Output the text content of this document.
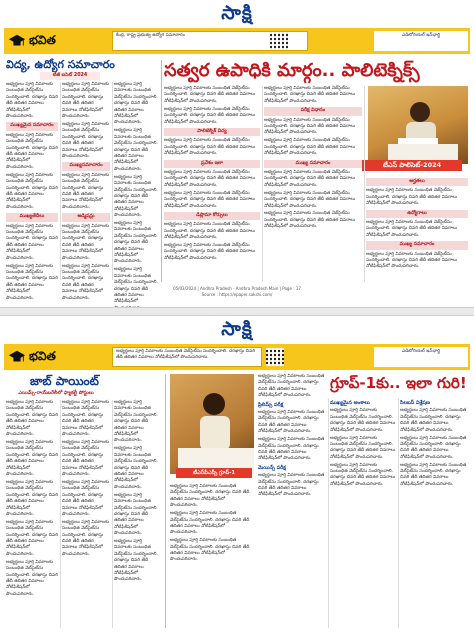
సాక్షి
భవిత	కేంద్ర, రాష్ట్ర ప్రభుత్వ ఉద్యోగ సమాచారం	ఎడిటోరియల్ ఇన్‌ఛార్జి
విద్య, ఉద్యోగ సమాచారం
టీజీ ఐసెట్ 2024

అభ్యర్థులు పూర్తి వివరాలకు సంబంధిత వెబ్‌సైట్‌ను సందర్శించాలి. దరఖాస్తు చివరి తేదీ తదితర వివరాలు నోటిఫికేషన్‌లో పొందుపరిచారు.

ముఖ్యమైన సమాచారం

అభ్యర్థులు పూర్తి వివరాలకు సంబంధిత వెబ్‌సైట్‌ను సందర్శించాలి. దరఖాస్తు చివరి తేదీ తదితర వివరాలు నోటిఫికేషన్‌లో పొందుపరిచారు.

అభ్యర్థులు పూర్తి వివరాలకు సంబంధిత వెబ్‌సైట్‌ను సందర్శించాలి. దరఖాస్తు చివరి తేదీ తదితర వివరాలు నోటిఫికేషన్‌లో పొందుపరిచారు.

ముఖ్యతేదీలు

అభ్యర్థులు పూర్తి వివరాలకు సంబంధిత వెబ్‌సైట్‌ను సందర్శించాలి. దరఖాస్తు చివరి తేదీ తదితర వివరాలు నోటిఫికేషన్‌లో పొందుపరిచారు.

అభ్యర్థులు పూర్తి వివరాలకు సంబంధిత వెబ్‌సైట్‌ను సందర్శించాలి. దరఖాస్తు చివరి తేదీ తదితర వివరాలు నోటిఫికేషన్‌లో పొందుపరిచారు.

అభ్యర్థులు పూర్తి వివరాలకు సంబంధిత వెబ్‌సైట్‌ను సందర్శించాలి. దరఖాస్తు చివరి తేదీ తదితర వివరాలు నోటిఫికేషన్‌లో పొందుపరిచారు.

అభ్యర్థులు పూర్తి వివరాలకు సంబంధిత వెబ్‌సైట్‌ను సందర్శించాలి. దరఖాస్తు చివరి తేదీ తదితర వివరాలు నోటిఫికేషన్‌లో పొందుపరిచారు.

ముఖ్యసమాచారం

అభ్యర్థులు పూర్తి వివరాలకు సంబంధిత వెబ్‌సైట్‌ను సందర్శించాలి. దరఖాస్తు చివరి తేదీ తదితర వివరాలు నోటిఫికేషన్‌లో పొందుపరిచారు.

అడ్మిషన్లు

అభ్యర్థులు పూర్తి వివరాలకు సంబంధిత వెబ్‌సైట్‌ను సందర్శించాలి. దరఖాస్తు చివరి తేదీ తదితర వివరాలు నోటిఫికేషన్‌లో పొందుపరిచారు.

అభ్యర్థులు పూర్తి వివరాలకు సంబంధిత వెబ్‌సైట్‌ను సందర్శించాలి. దరఖాస్తు చివరి తేదీ తదితర వివరాలు నోటిఫికేషన్‌లో పొందుపరిచారు.

అభ్యర్థులు పూర్తి వివరాలకు సంబంధిత వెబ్‌సైట్‌ను సందర్శించాలి. దరఖాస్తు చివరి తేదీ తదితర వివరాలు నోటిఫికేషన్‌లో పొందుపరిచారు.

అభ్యర్థులు పూర్తి వివరాలకు సంబంధిత వెబ్‌సైట్‌ను సందర్శించాలి. దరఖాస్తు చివరి తేదీ తదితర వివరాలు నోటిఫికేషన్‌లో పొందుపరిచారు.

అభ్యర్థులు పూర్తి వివరాలకు సంబంధిత వెబ్‌సైట్‌ను సందర్శించాలి. దరఖాస్తు చివరి తేదీ తదితర వివరాలు నోటిఫికేషన్‌లో పొందుపరిచారు.

అభ్యర్థులు పూర్తి వివరాలకు సంబంధిత వెబ్‌సైట్‌ను సందర్శించాలి. దరఖాస్తు చివరి తేదీ తదితర వివరాలు నోటిఫికేషన్‌లో పొందుపరిచారు.

అభ్యర్థులు పూర్తి వివరాలకు సంబంధిత వెబ్‌సైట్‌ను సందర్శించాలి. దరఖాస్తు చివరి తేదీ తదితర వివరాలు నోటిఫికేషన్‌లో

సత్వర ఉపాధికి మార్గం.. పాలిటెక్నిక్స్
టీఎస్ పాలిసెట్-2024

అభ్యర్థులు పూర్తి వివరాలకు సంబంధిత వెబ్‌సైట్‌ను సందర్శించాలి. దరఖాస్తు చివరి తేదీ తదితర వివరాలు నోటిఫికేషన్‌లో పొందుపరిచారు.

అభ్యర్థులు పూర్తి వివరాలకు సంబంధిత వెబ్‌సైట్‌ను సందర్శించాలి. దరఖాస్తు చివరి తేదీ తదితర వివరాలు నోటిఫికేషన్‌లో పొందుపరిచారు.

పాలిటెక్నిక్ విద్య

అభ్యర్థులు పూర్తి వివరాలకు సంబంధిత వెబ్‌సైట్‌ను సందర్శించాలి. దరఖాస్తు చివరి తేదీ తదితర వివరాలు నోటిఫికేషన్‌లో పొందుపరిచారు.

ప్రవేశం ఇలా

అభ్యర్థులు పూర్తి వివరాలకు సంబంధిత వెబ్‌సైట్‌ను సందర్శించాలి. దరఖాస్తు చివరి తేదీ తదితర వివరాలు నోటిఫికేషన్‌లో పొందుపరిచారు.

అభ్యర్థులు పూర్తి వివరాలకు సంబంధిత వెబ్‌సైట్‌ను సందర్శించాలి. దరఖాస్తు చివరి తేదీ తదితర వివరాలు నోటిఫికేషన్‌లో పొందుపరిచారు.

డిప్లొమా కోర్సులు

అభ్యర్థులు పూర్తి వివరాలకు సంబంధిత వెబ్‌సైట్‌ను సందర్శించాలి. దరఖాస్తు చివరి తేదీ తదితర వివరాలు నోటిఫికేషన్‌లో పొందుపరిచారు.

అభ్యర్థులు పూర్తి వివరాలకు సంబంధిత వెబ్‌సైట్‌ను సందర్శించాలి. దరఖాస్తు చివరి తేదీ తదితర వివరాలు నోటిఫికేషన్‌లో పొందుపరిచారు.

అభ్యర్థులు పూర్తి వివరాలకు సంబంధిత వెబ్‌సైట్‌ను సందర్శించాలి. దరఖాస్తు చివరి తేదీ తదితర వివరాలు నోటిఫికేషన్‌లో పొందుపరిచారు.

పరీక్ష విధానం

అభ్యర్థులు పూర్తి వివరాలకు సంబంధిత వెబ్‌సైట్‌ను సందర్శించాలి. దరఖాస్తు చివరి తేదీ తదితర వివరాలు నోటిఫికేషన్‌లో పొందుపరిచారు.

అభ్యర్థులు పూర్తి వివరాలకు సంబంధిత వెబ్‌సైట్‌ను సందర్శించాలి. దరఖాస్తు చివరి తేదీ తదితర వివరాలు నోటిఫికేషన్‌లో పొందుపరిచారు.

ముఖ్య సమాచారం

అభ్యర్థులు పూర్తి వివరాలకు సంబంధిత వెబ్‌సైట్‌ను సందర్శించాలి. దరఖాస్తు చివరి తేదీ తదితర వివరాలు నోటిఫికేషన్‌లో పొందుపరిచారు.

అభ్యర్థులు పూర్తి వివరాలకు సంబంధిత వెబ్‌సైట్‌ను సందర్శించాలి. దరఖాస్తు చివరి తేదీ తదితర వివరాలు నోటిఫికేషన్‌లో పొందుపరిచారు.

అభ్యర్థులు పూర్తి వివరాలకు సంబంధిత వెబ్‌సైట్‌ను సందర్శించాలి. దరఖాస్తు చివరి తేదీ తదితర వివరాలు నోటిఫికేషన్‌లో పొందుపరిచారు.

అర్హతలు

అభ్యర్థులు పూర్తి వివరాలకు సంబంధిత వెబ్‌సైట్‌ను సందర్శించాలి. దరఖాస్తు చివరి తేదీ తదితర వివరాలు నోటిఫికేషన్‌లో పొందుపరిచారు.

ఉద్యోగాలు

అభ్యర్థులు పూర్తి వివరాలకు సంబంధిత వెబ్‌సైట్‌ను సందర్శించాలి. దరఖాస్తు చివరి తేదీ తదితర వివరాలు నోటిఫికేషన్‌లో పొందుపరిచారు.

ముఖ్య సమాచారం

అభ్యర్థులు పూర్తి వివరాలకు సంబంధిత వెబ్‌సైట్‌ను సందర్శించాలి. దరఖాస్తు చివరి తేదీ తదితర వివరాలు నోటిఫికేషన్‌లో పొందుపరిచారు.

05/03/2024 | Andhra Pradesh - Andhra Pradesh Main | Page : 17
Source : https://epaper.sakshi.com/
సాక్షి
భవిత	అభ్యర్థులు పూర్తి వివరాలకు సంబంధిత వెబ్‌సైట్‌ను సందర్శించాలి. దరఖాస్తు చివరి తేదీ తదితర వివరాలు నోటిఫికేషన్‌లో పొందుపరిచారు.
ఎడిటోరియల్ ఇన్‌ఛార్జి
జాబ్ పాయింట్
ఎయిమ్స్-రాయ్‌బరేలీలో ఫ్యాకల్టీ పోస్టులు

అభ్యర్థులు పూర్తి వివరాలకు సంబంధిత వెబ్‌సైట్‌ను సందర్శించాలి. దరఖాస్తు చివరి తేదీ తదితర వివరాలు నోటిఫికేషన్‌లో పొందుపరిచారు.

అభ్యర్థులు పూర్తి వివరాలకు సంబంధిత వెబ్‌సైట్‌ను సందర్శించాలి. దరఖాస్తు చివరి తేదీ తదితర వివరాలు నోటిఫికేషన్‌లో పొందుపరిచారు.

అభ్యర్థులు పూర్తి వివరాలకు సంబంధిత వెబ్‌సైట్‌ను సందర్శించాలి. దరఖాస్తు చివరి తేదీ తదితర వివరాలు నోటిఫికేషన్‌లో పొందుపరిచారు.

అభ్యర్థులు పూర్తి వివరాలకు సంబంధిత వెబ్‌సైట్‌ను సందర్శించాలి. దరఖాస్తు చివరి తేదీ తదితర వివరాలు నోటిఫికేషన్‌లో పొందుపరిచారు.

అభ్యర్థులు పూర్తి వివరాలకు సంబంధిత వెబ్‌సైట్‌ను సందర్శించాలి. దరఖాస్తు చివరి తేదీ తదితర వివరాలు నోటిఫికేషన్‌లో పొందుపరిచారు.

అభ్యర్థులు పూర్తి వివరాలకు సంబంధిత వెబ్‌సైట్‌ను సందర్శించాలి. దరఖాస్తు చివరి తేదీ తదితర వివరాలు నోటిఫికేషన్‌లో పొందుపరిచారు.

అభ్యర్థులు పూర్తి వివరాలకు సంబంధిత వెబ్‌సైట్‌ను సందర్శించాలి. దరఖాస్తు చివరి తేదీ తదితర వివరాలు నోటిఫికేషన్‌లో పొందుపరిచారు.

అభ్యర్థులు పూర్తి వివరాలకు సంబంధిత వెబ్‌సైట్‌ను సందర్శించాలి. దరఖాస్తు చివరి తేదీ తదితర వివరాలు నోటిఫికేషన్‌లో పొందుపరిచారు.

అభ్యర్థులు పూర్తి వివరాలకు సంబంధిత వెబ్‌సైట్‌ను సందర్శించాలి. దరఖాస్తు చివరి తేదీ తదితర వివరాలు నోటిఫికేషన్‌లో పొందుపరిచారు.

అభ్యర్థులు పూర్తి వివరాలకు సంబంధిత వెబ్‌సైట్‌ను సందర్శించాలి. దరఖాస్తు చివరి తేదీ తదితర వివరాలు నోటిఫికేషన్‌లో పొందుపరిచారు.

అభ్యర్థులు పూర్తి వివరాలకు సంబంధిత వెబ్‌సైట్‌ను సందర్శించాలి. దరఖాస్తు చివరి తేదీ తదితర వివరాలు నోటిఫికేషన్‌లో పొందుపరిచారు.

అభ్యర్థులు పూర్తి వివరాలకు సంబంధిత వెబ్‌సైట్‌ను సందర్శించాలి. దరఖాస్తు చివరి తేదీ తదితర వివరాలు నోటిఫికేషన్‌లో పొందుపరిచారు.

అభ్యర్థులు పూర్తి వివరాలకు సంబంధిత వెబ్‌సైట్‌ను సందర్శించాలి. దరఖాస్తు చివరి తేదీ తదితర వివరాలు నోటిఫికేషన్‌లో పొందుపరిచారు.

టీఎస్‌పీఎస్సీ గ్రూప్-1
గ్రూప్-1కు.. ఇలా గురి!

అభ్యర్థులు పూర్తి వివరాలకు సంబంధిత వెబ్‌సైట్‌ను సందర్శించాలి. దరఖాస్తు చివరి తేదీ తదితర వివరాలు నోటిఫికేషన్‌లో పొందుపరిచారు.

ప్రిలిమ్స్ పరీక్ష

అభ్యర్థులు పూర్తి వివరాలకు సంబంధిత వెబ్‌సైట్‌ను సందర్శించాలి. దరఖాస్తు చివరి తేదీ తదితర వివరాలు నోటిఫికేషన్‌లో పొందుపరిచారు.

అభ్యర్థులు పూర్తి వివరాలకు సంబంధిత వెబ్‌సైట్‌ను సందర్శించాలి. దరఖాస్తు చివరి తేదీ తదితర వివరాలు నోటిఫికేషన్‌లో పొందుపరిచారు.

మెయిన్స్ పరీక్ష

అభ్యర్థులు పూర్తి వివరాలకు సంబంధిత వెబ్‌సైట్‌ను సందర్శించాలి. దరఖాస్తు చివరి తేదీ తదితర వివరాలు నోటిఫికేషన్‌లో పొందుపరిచారు.

అభ్యర్థులు పూర్తి వివరాలకు సంబంధిత వెబ్‌సైట్‌ను సందర్శించాలి. దరఖాస్తు చివరి తేదీ తదితర వివరాలు నోటిఫికేషన్‌లో పొందుపరిచారు.

అభ్యర్థులు పూర్తి వివరాలకు సంబంధిత వెబ్‌సైట్‌ను సందర్శించాలి. దరఖాస్తు చివరి తేదీ తదితర వివరాలు నోటిఫికేషన్‌లో పొందుపరిచారు.

అభ్యర్థులు పూర్తి వివరాలకు సంబంధిత వెబ్‌సైట్‌ను సందర్శించాలి. దరఖాస్తు చివరి తేదీ తదితర వివరాలు నోటిఫికేషన్‌లో పొందుపరిచారు.

ముఖ్యమైన అంశాలు

అభ్యర్థులు పూర్తి వివరాలకు సంబంధిత వెబ్‌సైట్‌ను సందర్శించాలి. దరఖాస్తు చివరి తేదీ తదితర వివరాలు నోటిఫికేషన్‌లో పొందుపరిచారు.

అభ్యర్థులు పూర్తి వివరాలకు సంబంధిత వెబ్‌సైట్‌ను సందర్శించాలి. దరఖాస్తు చివరి తేదీ తదితర వివరాలు నోటిఫికేషన్‌లో పొందుపరిచారు.

అభ్యర్థులు పూర్తి వివరాలకు సంబంధిత వెబ్‌సైట్‌ను సందర్శించాలి. దరఖాస్తు చివరి తేదీ తదితర వివరాలు నోటిఫికేషన్‌లో పొందుపరిచారు.

సిలబస్ విశ్లేషణ

అభ్యర్థులు పూర్తి వివరాలకు సంబంధిత వెబ్‌సైట్‌ను సందర్శించాలి. దరఖాస్తు చివరి తేదీ తదితర వివరాలు నోటిఫికేషన్‌లో పొందుపరిచారు.

అభ్యర్థులు పూర్తి వివరాలకు సంబంధిత వెబ్‌సైట్‌ను సందర్శించాలి. దరఖాస్తు చివరి తేదీ తదితర వివరాలు నోటిఫికేషన్‌లో పొందుపరిచారు.

అభ్యర్థులు పూర్తి వివరాలకు సంబంధిత వెబ్‌సైట్‌ను సందర్శించాలి. దరఖాస్తు చివరి తేదీ తదితర వివరాలు నోటిఫికేషన్‌లో పొందుపరిచారు.
